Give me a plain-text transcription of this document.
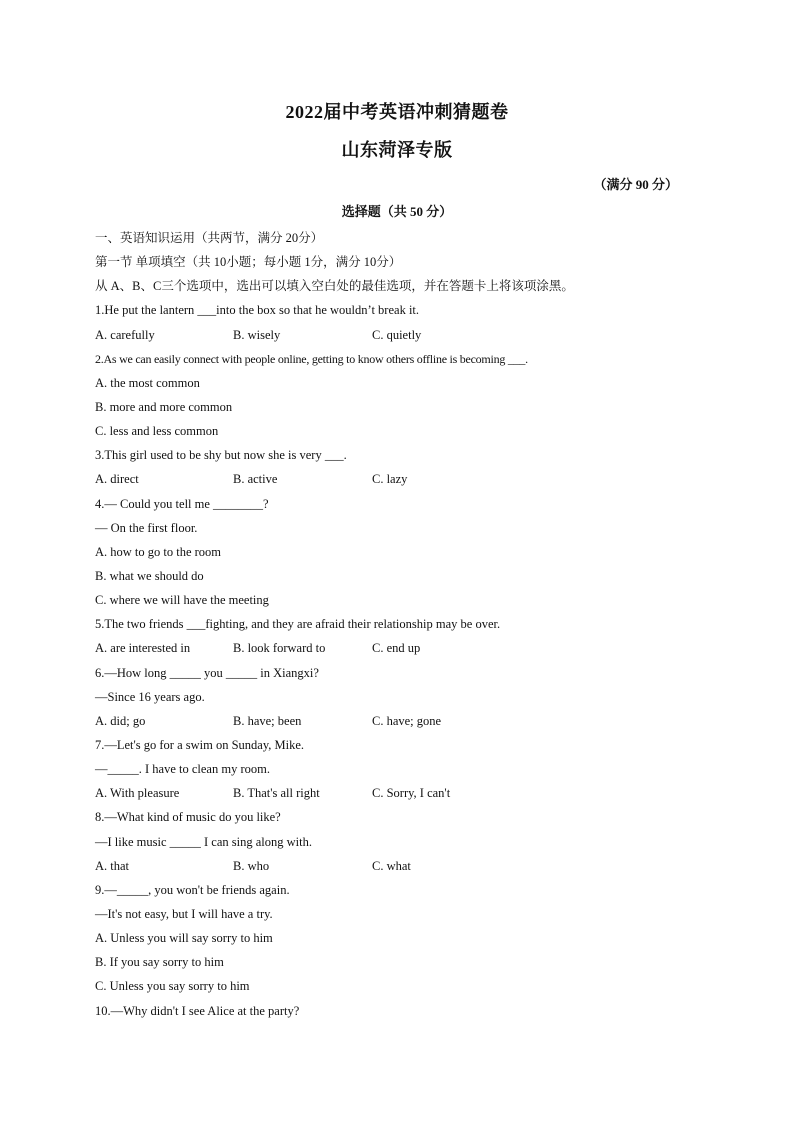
2022届中考英语冲刺猜题卷
山东菏泽专版
（满分 90 分）
选择题（共 50 分）
一、英语知识运用（共两节，满分 20分）
第一节 单项填空（共 10小题；每小题 1分，满分 10分）
从 A、B、C三个选项中，选出可以填入空白处的最佳选项，并在答题卡上将该项涂黑。
1.He put the lantern ___into the box so that he wouldn’t break it.
A. carefully	B. wisely	C. quietly
2.As we can easily connect with people online, getting to know others offline is becoming ___.
A. the most common
B. more and more common
C. less and less common
3.This girl used to be shy but now she is very ___.
A. direct	B. active	C. lazy
4.— Could you tell me ________?
— On the first floor.
A. how to go to the room
B. what we should do
C. where we will have the meeting
5.The two friends ___fighting, and they are afraid their relationship may be over.
A. are interested in	B. look forward to	C. end up
6.—How long _____ you _____ in Xiangxi?
—Since 16 years ago.
A. did; go	B. have; been	C. have; gone
7.—Let's go for a swim on Sunday, Mike.
—_____. I have to clean my room.
A. With pleasure	B. That's all right	C. Sorry, I can't
8.—What kind of music do you like?
—I like music _____ I can sing along with.
A. that	B. who	C. what
9.—_____, you won't be friends again.
—It's not easy, but I will have a try.
A. Unless you will say sorry to him
B. If you say sorry to him
C. Unless you say sorry to him
10.—Why didn't I see Alice at the party?
